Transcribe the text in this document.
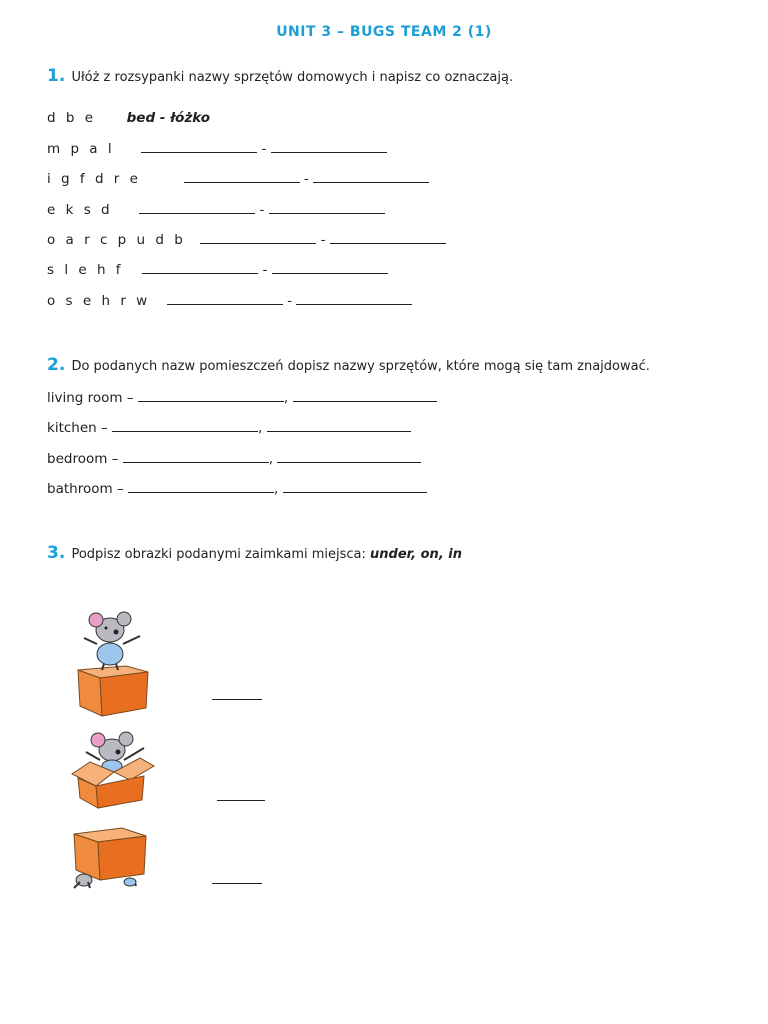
UNIT 3 – BUGS TEAM 2 (1)
1. Ułóż z rozsypanki nazwy sprzętów domowych i napisz co oznaczają.
d b e bed - łóżko
m p a l	-
i g f d r e	-
e k s d	-
o a r c p u d b	-
s l e h f	-
o s e h r w	-
2. Do podanych nazw pomieszczeń dopisz nazwy sprzętów, które mogą się tam znajdować.
living room –	,
kitchen –	,
bedroom –	,
bathroom –	,
3. Podpisz obrazki podanymi zaimkami miejsca: under, on, in
